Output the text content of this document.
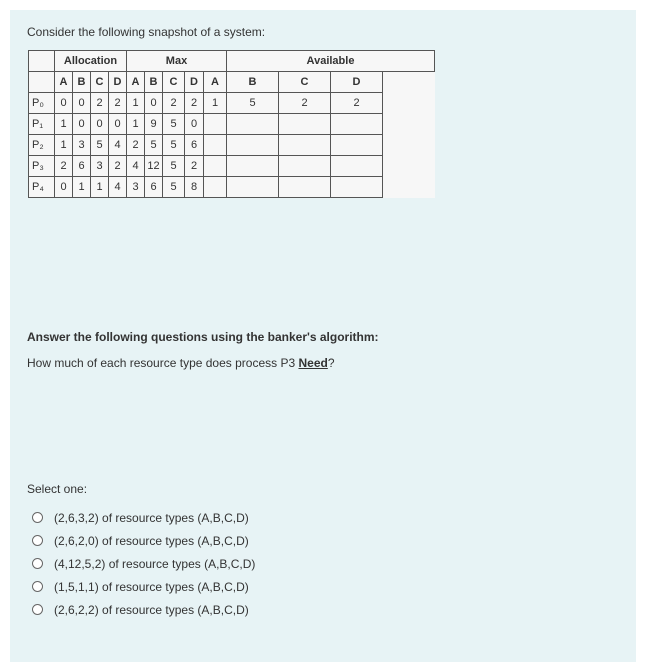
Consider the following snapshot of a system:
	Allocation				Max					Available		
	A	B	C	D	A	B	C	D	A	B	C	D
P₀	0	0	2	2	1	0	2	2	1	5	2	2
P₁	1	0	0	0	1	9	5	0				
P₂	1	3	5	4	2	5	5	6				
P₃	2	6	3	2	4	12	5	2				
P₄	0	1	1	4	3	6	5	8				
Answer the following questions using the banker's algorithm:
How much of each resource type does process P3 Need?
Select one:
(2,6,3,2) of resource types (A,B,C,D)
(2,6,2,0) of resource types (A,B,C,D)
(4,12,5,2) of resource types (A,B,C,D)
(1,5,1,1) of resource types (A,B,C,D)
(2,6,2,2) of resource types (A,B,C,D)
